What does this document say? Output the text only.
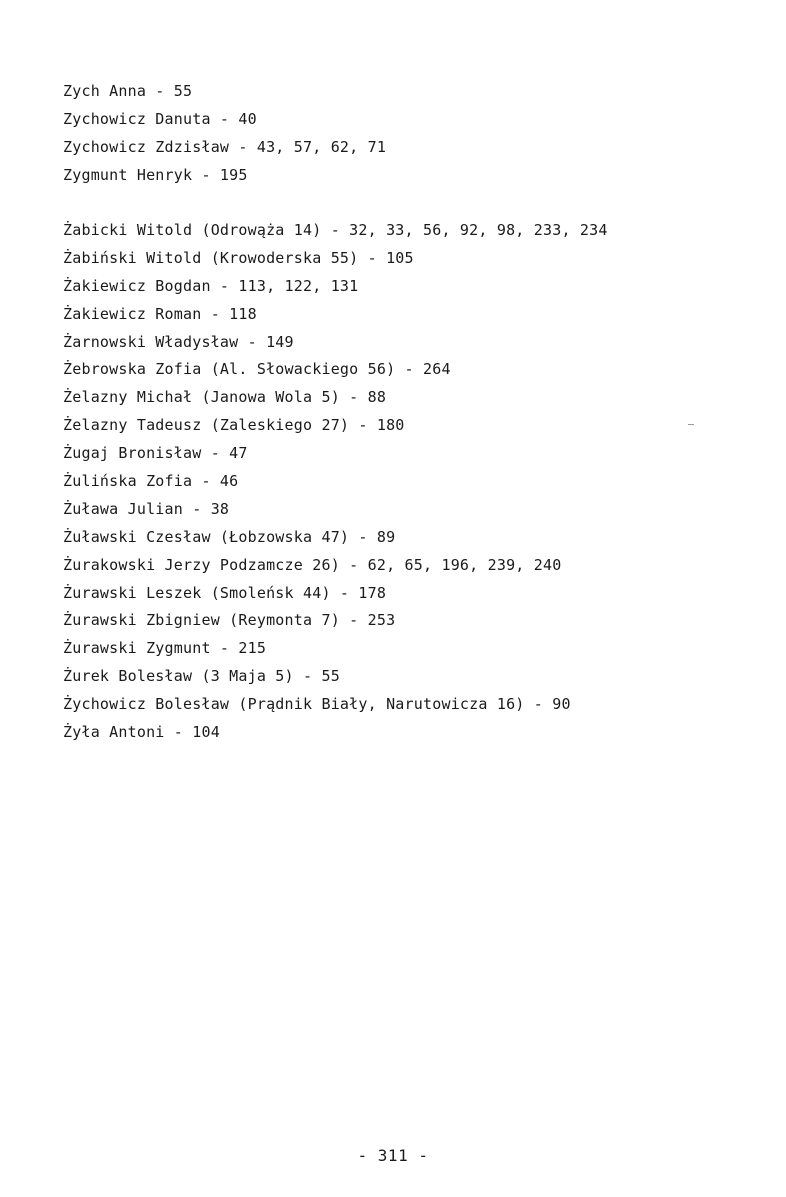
Zych Anna - 55
Zychowicz Danuta - 40
Zychowicz Zdzisław - 43, 57, 62, 71
Zygmunt Henryk - 195
Żabicki Witold (Odrowąża 14) - 32, 33, 56, 92, 98, 233, 234
Żabiński Witold (Krowoderska 55) - 105
Żakiewicz Bogdan - 113, 122, 131
Żakiewicz Roman - 118
Żarnowski Władysław - 149
Żebrowska Zofia (Al. Słowackiego 56) - 264
Żelazny Michał (Janowa Wola 5) - 88
Żelazny Tadeusz (Zaleskiego 27) - 180
Żugaj Bronisław - 47
Żulińska Zofia - 46
Żuława Julian - 38
Żuławski Czesław (Łobzowska 47) - 89
Żurakowski Jerzy Podzamcze 26) - 62, 65, 196, 239, 240
Żurawski Leszek (Smoleńsk 44) - 178
Żurawski Zbigniew (Reymonta 7) - 253
Żurawski Zygmunt - 215
Żurek Bolesław (3 Maja 5) - 55
Żychowicz Bolesław (Prądnik Biały, Narutowicza 16) - 90
Żyła Antoni - 104
- 311 -
